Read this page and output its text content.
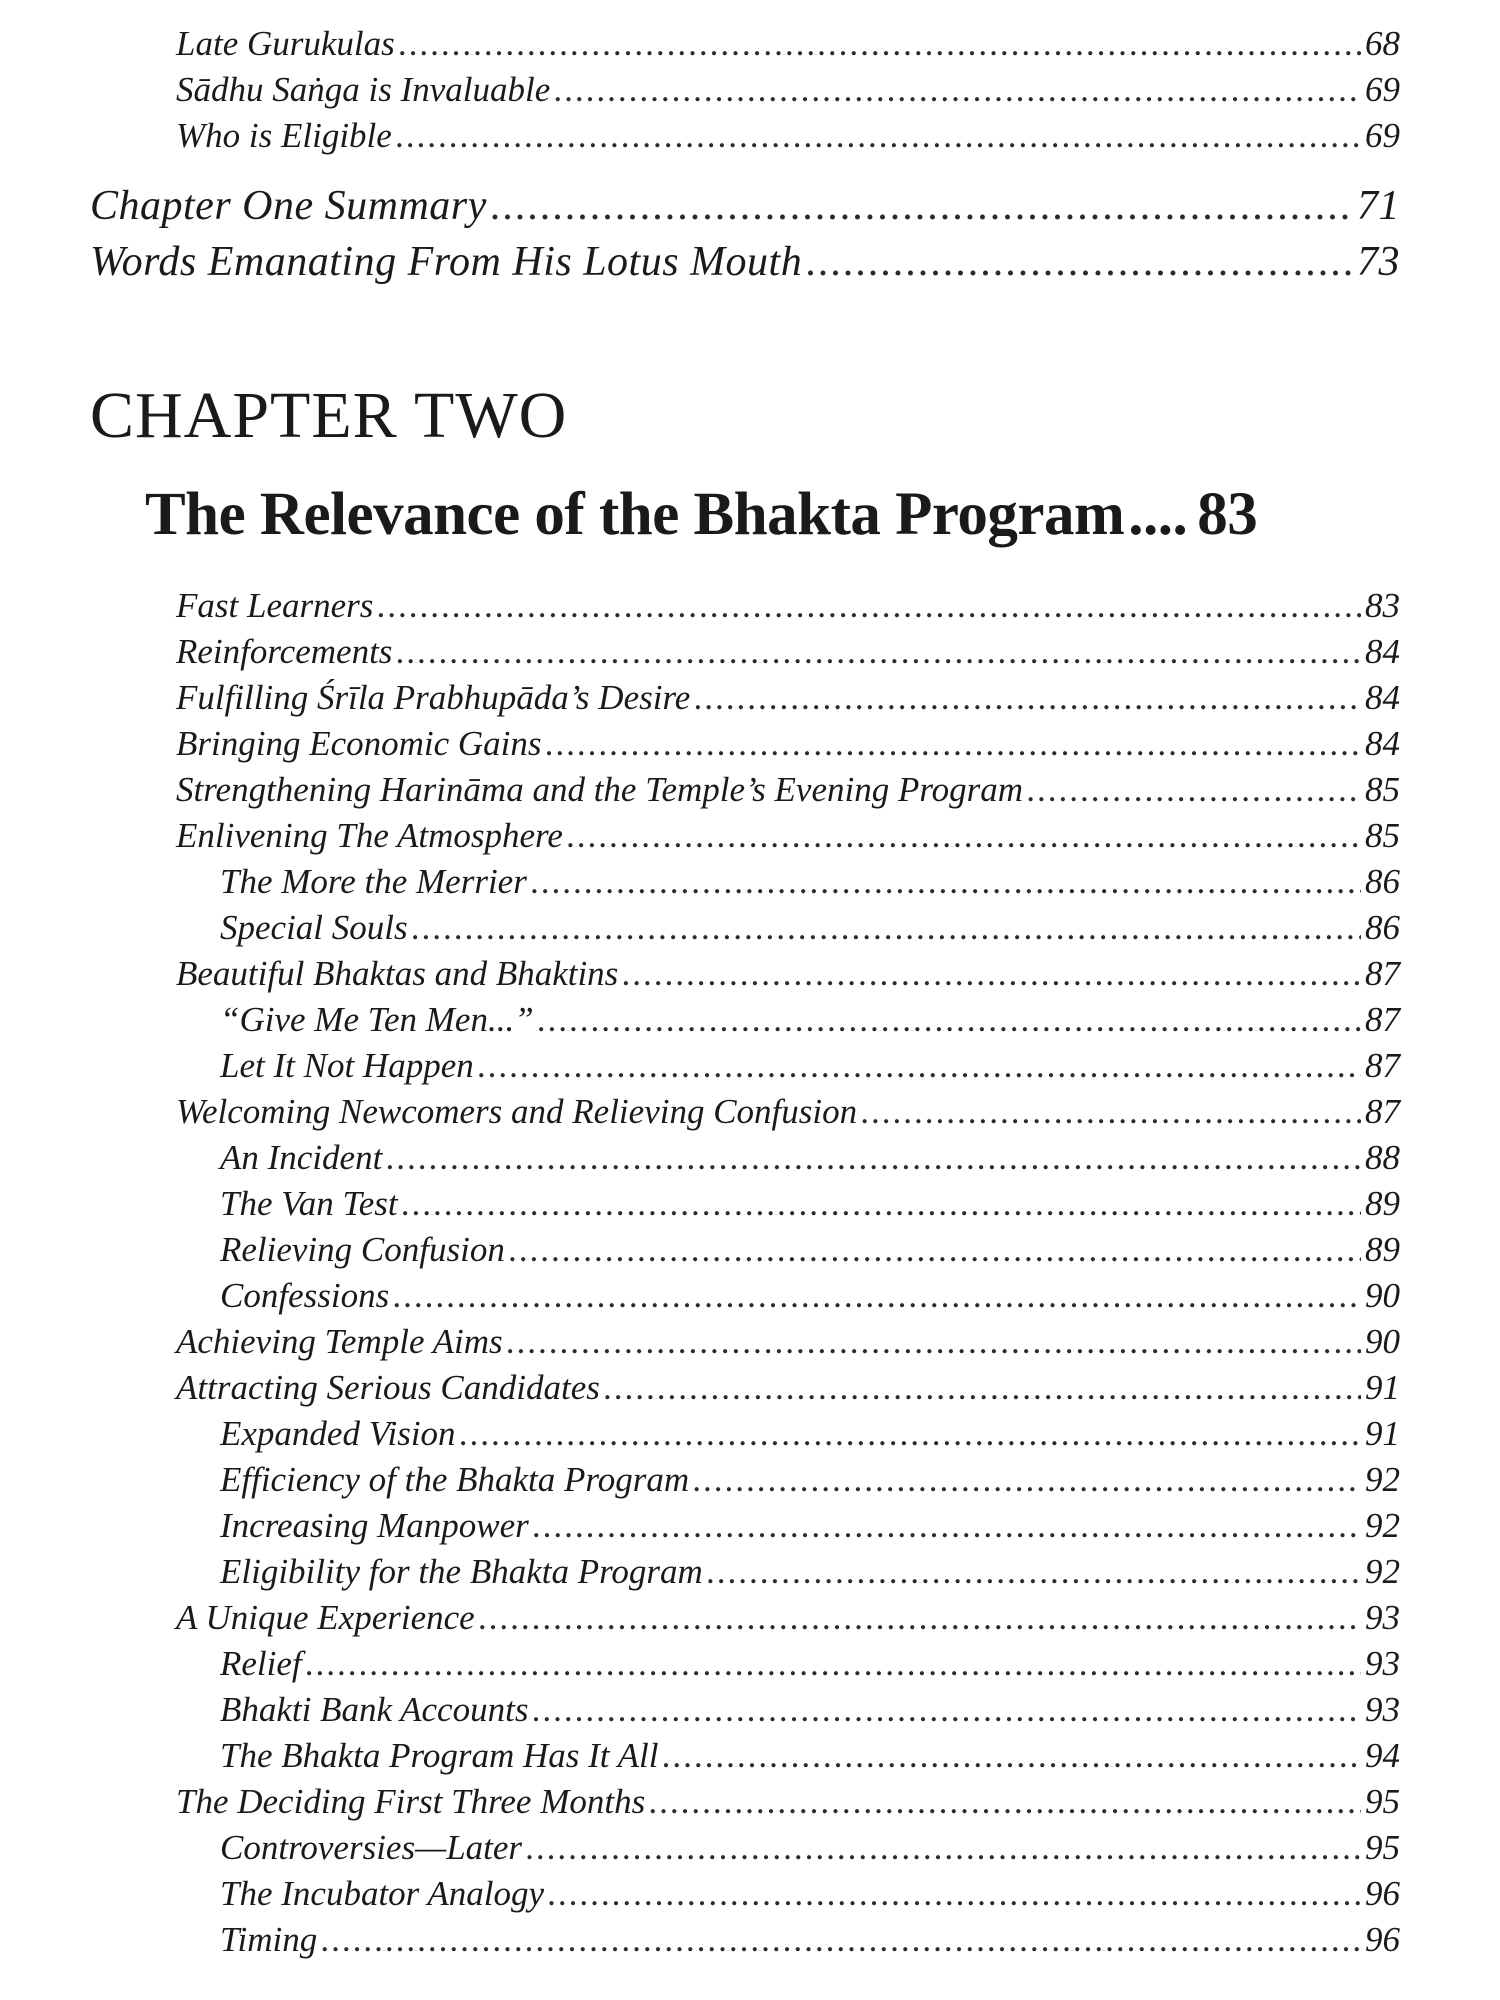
Late Gurukulas .....	68
Sādhu Saṅga is Invaluable .....	69
Who is Eligible .....	69
Chapter One Summary .....	71
Words Emanating From His Lotus Mouth .....	73
CHAPTER TWO
The Relevance of the Bhakta Program .... 83
Fast Learners .....	83
Reinforcements .....	84
Fulfilling Śrīla Prabhupāda’s Desire .....	84
Bringing Economic Gains .....	84
Strengthening Harināma and the Temple’s Evening Program .....	85
Enlivening The Atmosphere .....	85
The More the Merrier .....	86
Special Souls .....	86
Beautiful Bhaktas and Bhaktins .....	87
“Give Me Ten Men...” .....	87
Let It Not Happen .....	87
Welcoming Newcomers and Relieving Confusion .....	87
An Incident .....	88
The Van Test .....	89
Relieving Confusion .....	89
Confessions .....	90
Achieving Temple Aims .....	90
Attracting Serious Candidates .....	91
Expanded Vision .....	91
Efficiency of the Bhakta Program .....	92
Increasing Manpower .....	92
Eligibility for the Bhakta Program .....	92
A Unique Experience .....	93
Relief .....	93
Bhakti Bank Accounts .....	93
The Bhakta Program Has It All .....	94
The Deciding First Three Months .....	95
Controversies—Later .....	95
The Incubator Analogy .....	96
Timing .....	96
